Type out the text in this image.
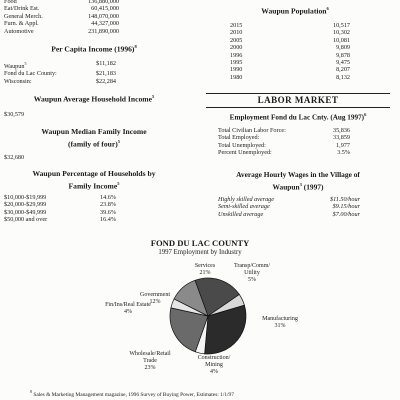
Food	136,880,000
Eat/Drink Est.	60,415,000
General Merch.	148,070,000
Furn. & Appl.	44,327,000
Automotive	231,890,000
Per Capita Income $(1996)^8$
Waupun$^5$	$11,182
Fond du Lac County:	$21,183
Wisconsin:	$22,284
Waupun Average Household Income$^5$
$30,579
Waupun Median Family Income
(family of four)$^5$
$32,680
Waupun Percentage of Households by
Family Income$^5$
$10,000-$19,999	14.6%
$20,000-$29,999	23.8%
$30,000-$49,999	39.6%
$50,000 and over	16.4%
Waupun Population$^6$
2015	10,517
2010	10,302
2005	10,081
2000	9,809
1996	9,878
1995	9,475
1990	8,207
1980	8,132
LABOR MARKET
Employment Fond du Lac Cnty. (Aug 1997)$^6$
Total Civilian Labor Force:	35,836
Total Employed:	33,859
Total Unemployed:	1,977
Percent Unemployed:	3.5%
Average Hourly Wages in the Village of
Waupun$^3$ (1997)
Highly skilled average	$11.50/hour
Semi-skilled average	$9.15/hour
Unskilled average	$7.00/hour
FOND DU LAC COUNTY
1997 Employment by Industry
Services
21%
Transp/Comm/
Utility
5%
Manufacturing
31%
Construction/
Mining
4%
Wholesale/Retail
Trade
23%
Fin/Ins/Real Estate
4%
Government
12%
$^8$ Sales & Marketing Management magazine, 1996 Survey of Buying Power, Estimates: 1/1/97
